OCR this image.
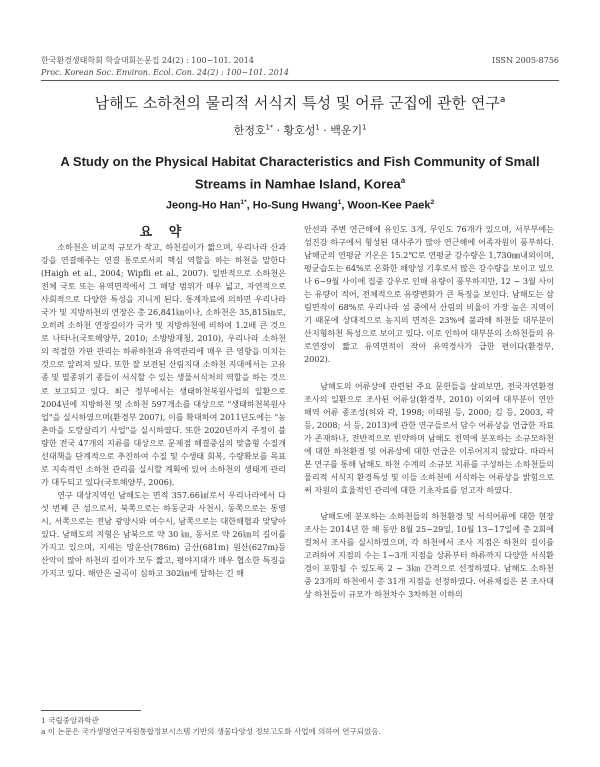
한국환경생태학회 학술대회논문집 24(2) : 100~101. 2014	ISSN 2005-8756
Proc. Korean Soc. Environ. Ecol. Con. 24(2) : 100~101. 2014
남해도 소하천의 물리적 서식지 특성 및 어류 군집에 관한 연구$^a$
한정호$^{1*}$ · 황호성$^1$ · 백운기$^1$
A Study on the Physical Habitat Characteristics and Fish Community of Small Streams in Namhae Island, Korea$^a$
Jeong-Ho Han$^{1*}$, Ho-Sung Hwang$^1$, Woon-Kee Paek$^2$
요 약

소하천은 비교적 규모가 작고, 하천길이가 짧으며, 우리나라 산과 강을 연결해주는 연결 통로로서의 핵심 역할을 하는 하천을 말한다(Haigh et al., 2004; Wipfli et al., 2007). 일반적으로 소하천은 전체 국토 또는 유역면적에서 그 해당 범위가 매우 넓고, 자연적으로 사회적으로 다양한 특성을 지니게 된다. 통계자료에 의하면 우리나라 국가 및 지방하천의 연장은 총 26,841㎞이나, 소하천은 35,815㎞로, 오히려 소하천 연장길이가 국가 및 지방하천에 비하여 1.2배 큰 것으로 나타나(국토해양부, 2010; 소방방재청, 2010), 우리나라 소하천의 적절한 가판 관리는 하류하천과 유역관리에 매우 큰 영향을 미치는 것으로 알려져 있다. 또한 잘 보전된 산림지대 소하천 지대에서는 고유종 및 멸종위기 종들이 서식할 수 있는 생물서식처의 역할을 하는 것으로 보고되고 있다. 최근 정부에서는 생태하천복원사업의 일환으로 2004년에 지방하천 및 소하천 597개소를 대상으로 "생태하천복원사업"을 실시하였으며(환경부 2007), 이를 확대하여 2011년도에는 "농촌마을 도랑살리기 사업"을 실시하였다. 또한 2020년까지 주정이 불량한 전국 47개의 지류를 대상으로 문제점 해결중심의 맞춤형 수질개선대책을 단계적으로 추진하여 수질 및 수생태 회복, 수량확보를 목표로 지속적인 소하천 관리를 실시할 계획에 있어 소하천의 생태계 관리가 대두되고 있다(국토해양부, 2006).

연구 대상지역인 남해도는 면적 357.66㎢로서 우리나라에서 다섯 번째 큰 섬으로서, 북쪽으로는 하동군과 사천시, 동쪽으로는 통영시, 서쪽으로는 전남 광양시와 여수시, 남쪽으로는 대한해협과 맞닿아 있다. 남해도의 지형은 남북으로 약 30 ㎞, 동서로 약 26㎞의 길이를 가지고 있으며, 지세는 망운산(786m) 금산(681m) 원산(627m)등 산악이 많아 하천의 길이가 모두 짧고, 평야지대가 매우 협소한 특징을 가지고 있다. 해안은 굴곡이 심하고 302㎞에 달하는 긴 해

안선과 주변 연근해에 유인도 3개, 무인도 76개가 있으며, 서부부에는 섬진강 하구에서 형성된 대사주가 많아 연근해에 어족자원이 풍부하다. 남해군의 연평균 기온은 15.2℃로 연평균 강수량은 1,730㎜내외이며, 평균습도는 64%로 온화한 해양성 기후로서 많은 강수량을 보이고 있으나 6~9월 사이에 집중 강우로 인해 유량이 풍부하지만, 12 ~ 3월 사이는 유량이 적어, 전체적으로 유량변화가 큰 특징을 보인다. 남해도는 삼림면적이 68%로 우리나라 섬 중에서 산림의 비율이 가장 높은 지역이기 때문에 상대적으로 농지의 면적은 23%에 불과해 하천들 대부분이 산지형하천 특성으로 보이고 있다. 이로 인하여 대부분의 소하천들의 유로연장이 짧고 유역면적이 작아 유역경사가 급한 편이다(환경부, 2002).

남해도의 어류상에 관련된 주요 문헌들을 살펴보면, 전국자연환경조사의 일환으로 조사된 어류상(환경부, 2010) 이외에 대부분이 연안해역 어류 종조성(허와 곽, 1998; 이태원 등, 2000; 김 등, 2003, 곽 등, 2008; 서 등, 2013)에 관한 연구들로서 담수 어류상을 언급한 자료가 존재하나, 전반적으로 빈약하며 남해도 전역에 분포하는 소규모하천에 대한 하천환경 및 어류상에 대한 언급은 이루어지지 않았다. 따라서 본 연구를 통해 남해도 하천 수계의 소규모 지류를 구성하는 소하천들의 물리적 서식지 환경특성 및 이들 소하천에 서식하는 어류상을 밝힘으로써 자원의 효율적인 관리에 대한 기초자료를 얻고자 하였다.

남해도에 분포하는 소하천들의 하천환경 및 서식어류에 대한 현장조사는 2014년 한 해 동안 8월 25~29일, 10월 13~17일에 총 2회에 걸쳐서 조사를 실시하였으며, 각 하천에서 조사 지점은 하천의 길이를 고려하여 지점의 수는 1~3개 지점을 상류부터 하류까지 다양한 서식환경이 포함될 수 있도록 2 ~ 3㎞ 간격으로 선정하였다. 남해도 소하천 중 23개의 하천에서 총 31개 지점을 선정하였다. 어류채집은 본 조사대상 하천들이 규모가 하천차수 3차하천 이하의

1 국립중앙과학관
a 이 논문은 국가생명연구자원통합정보시스템 기반의 생물다양성 정보고도화 사업에 의하여 연구되었음.
